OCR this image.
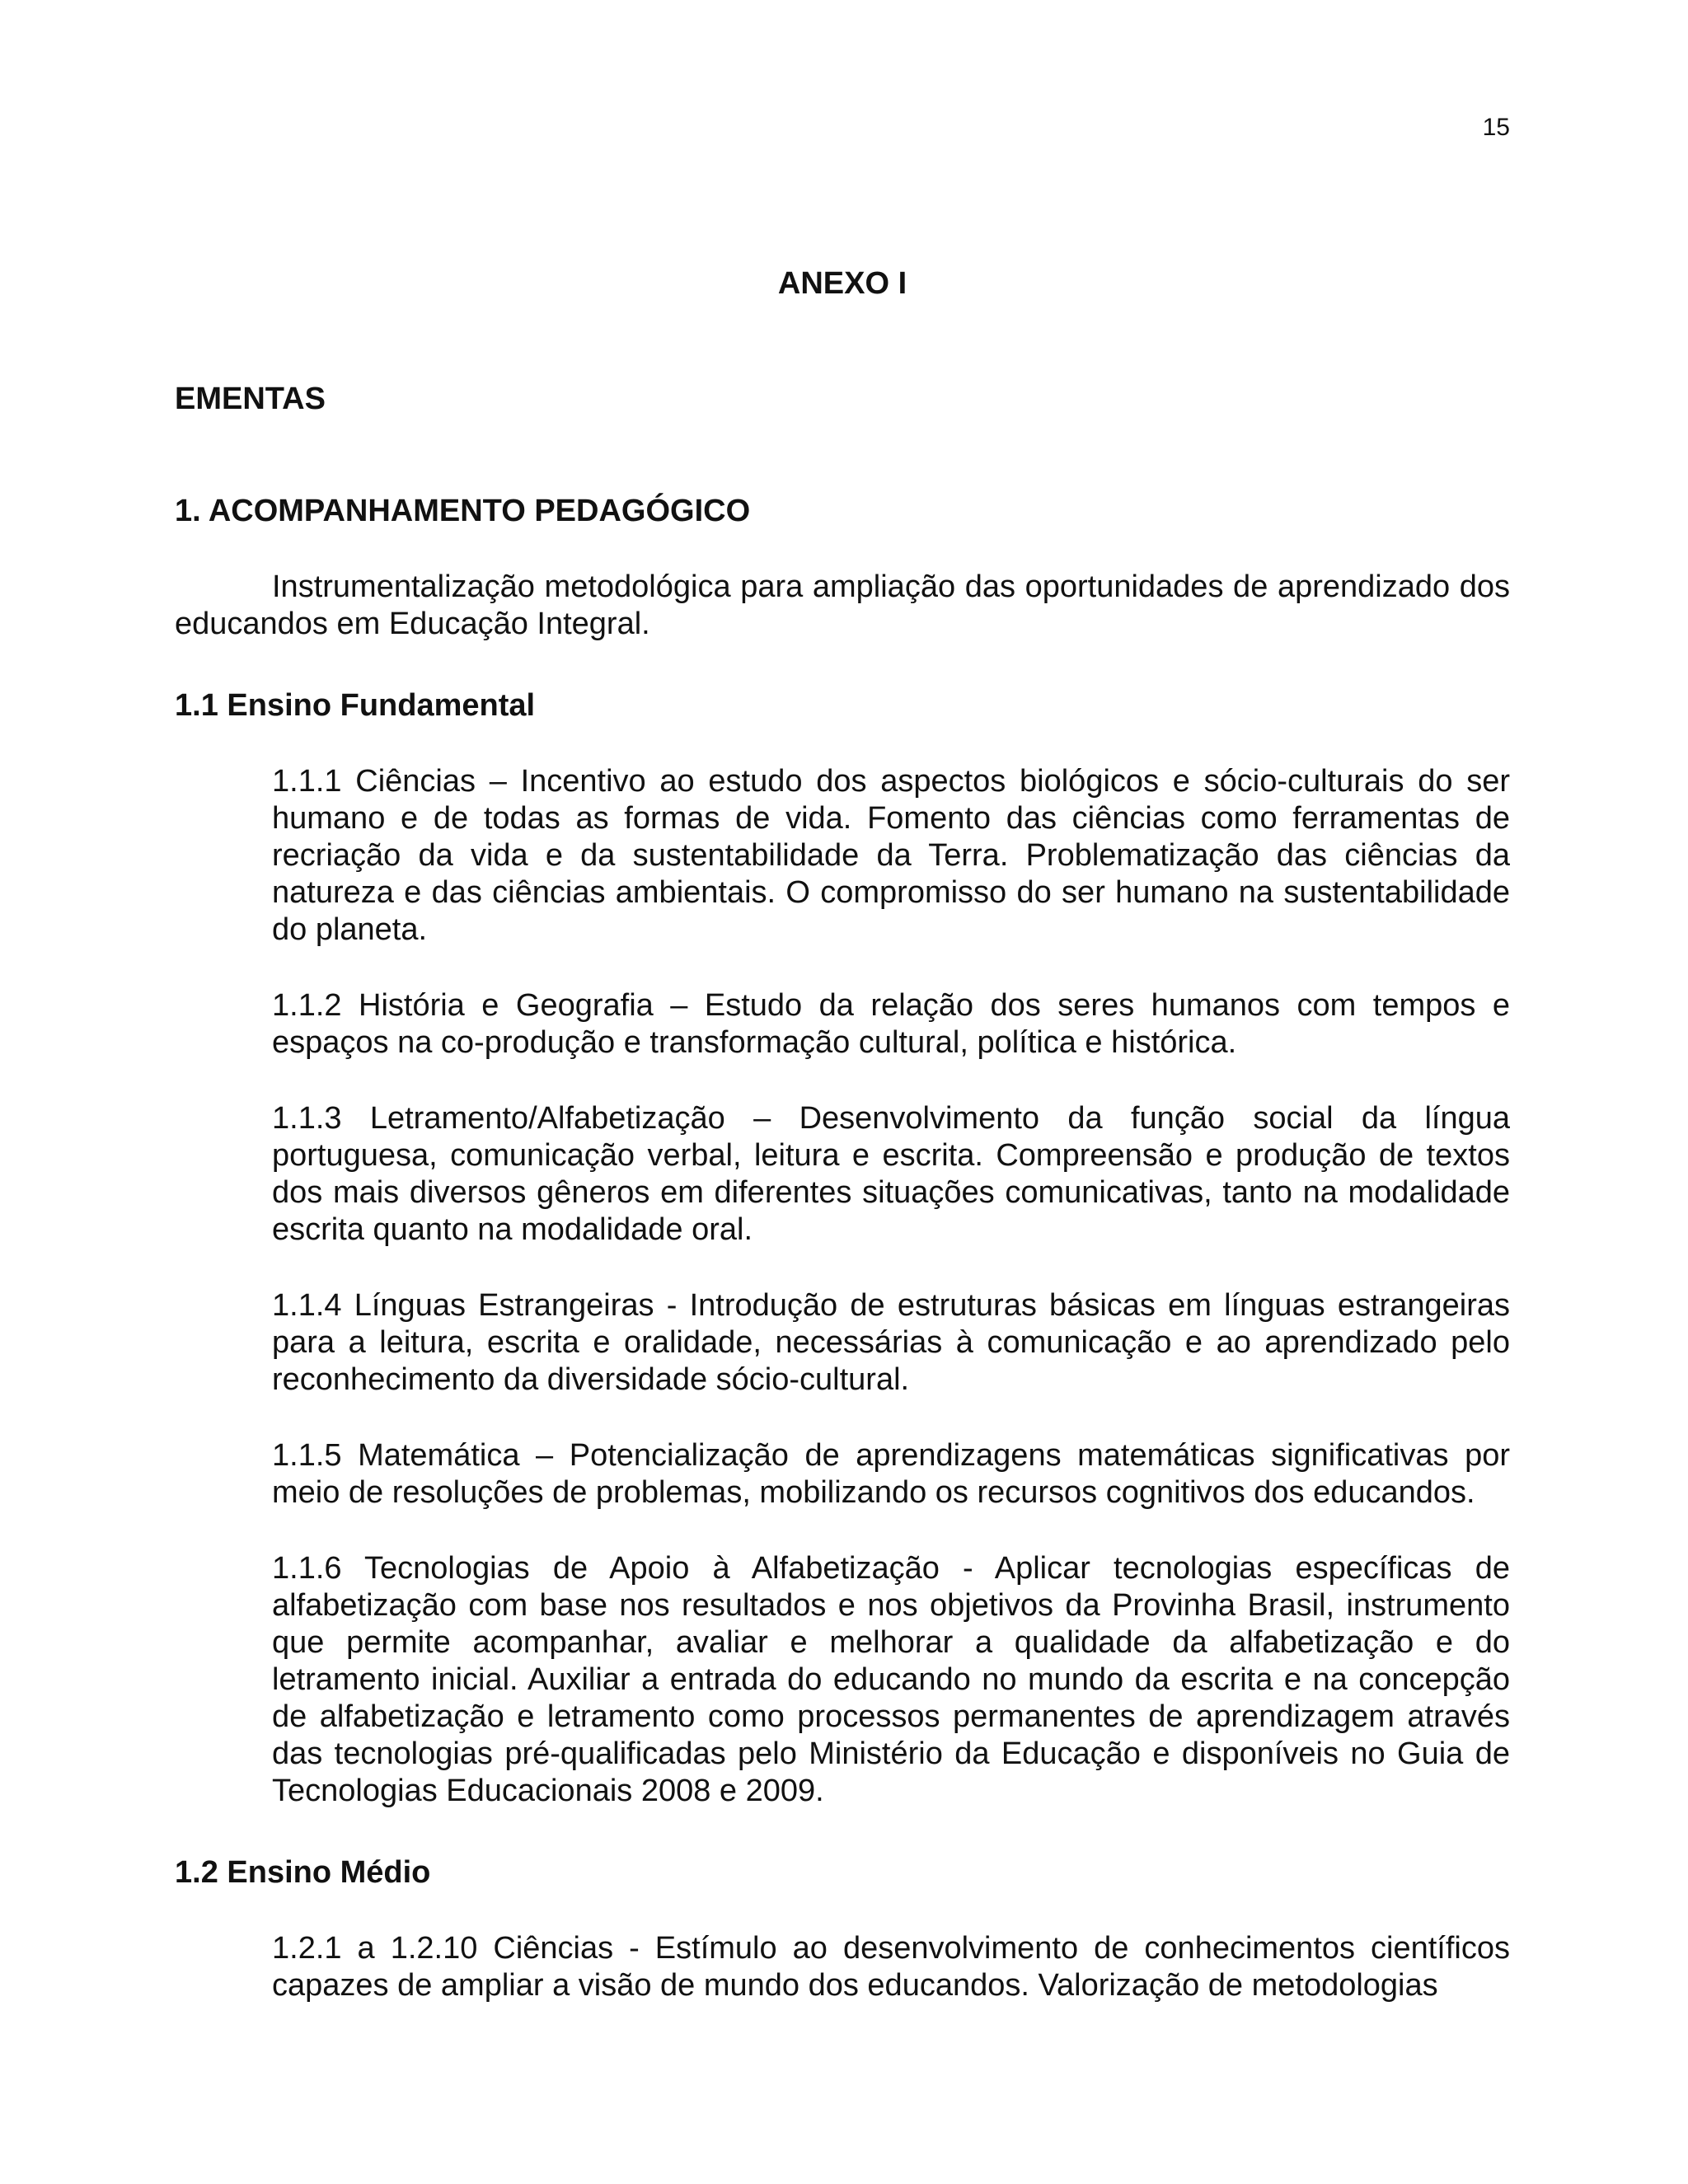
15

ANEXO I

EMENTAS

1. ACOMPANHAMENTO PEDAGÓGICO

Instrumentalização metodológica para ampliação das oportunidades de aprendizado dos educandos em Educação Integral.

1.1 Ensino Fundamental

1.1.1 Ciências – Incentivo ao estudo dos aspectos biológicos e sócio-culturais do ser humano e de todas as formas de vida. Fomento das ciências como ferramentas de recriação da vida e da sustentabilidade da Terra. Problematização das ciências da natureza e das ciências ambientais. O compromisso do ser humano na sustentabilidade do planeta.

1.1.2 História e Geografia – Estudo da relação dos seres humanos com tempos e espaços na co-produção e transformação cultural, política e histórica.

1.1.3 Letramento/Alfabetização – Desenvolvimento da função social da língua portuguesa, comunicação verbal, leitura e escrita. Compreensão e produção de textos dos mais diversos gêneros em diferentes situações comunicativas, tanto na modalidade escrita quanto na modalidade oral.

1.1.4 Línguas Estrangeiras - Introdução de estruturas básicas em línguas estrangeiras para a leitura, escrita e oralidade, necessárias à comunicação e ao aprendizado pelo reconhecimento da diversidade sócio-cultural.

1.1.5 Matemática – Potencialização de aprendizagens matemáticas significativas por meio de resoluções de problemas, mobilizando os recursos cognitivos dos educandos.

1.1.6 Tecnologias de Apoio à Alfabetização - Aplicar tecnologias específicas de alfabetização com base nos resultados e nos objetivos da Provinha Brasil, instrumento que permite acompanhar, avaliar e melhorar a qualidade da alfabetização e do letramento inicial. Auxiliar a entrada do educando no mundo da escrita e na concepção de alfabetização e letramento como processos permanentes de aprendizagem através das tecnologias pré-qualificadas pelo Ministério da Educação e disponíveis no Guia de Tecnologias Educacionais 2008 e 2009.

1.2 Ensino Médio

1.2.1 a 1.2.10 Ciências - Estímulo ao desenvolvimento de conhecimentos científicos capazes de ampliar a visão de mundo dos educandos. Valorização de metodologias
